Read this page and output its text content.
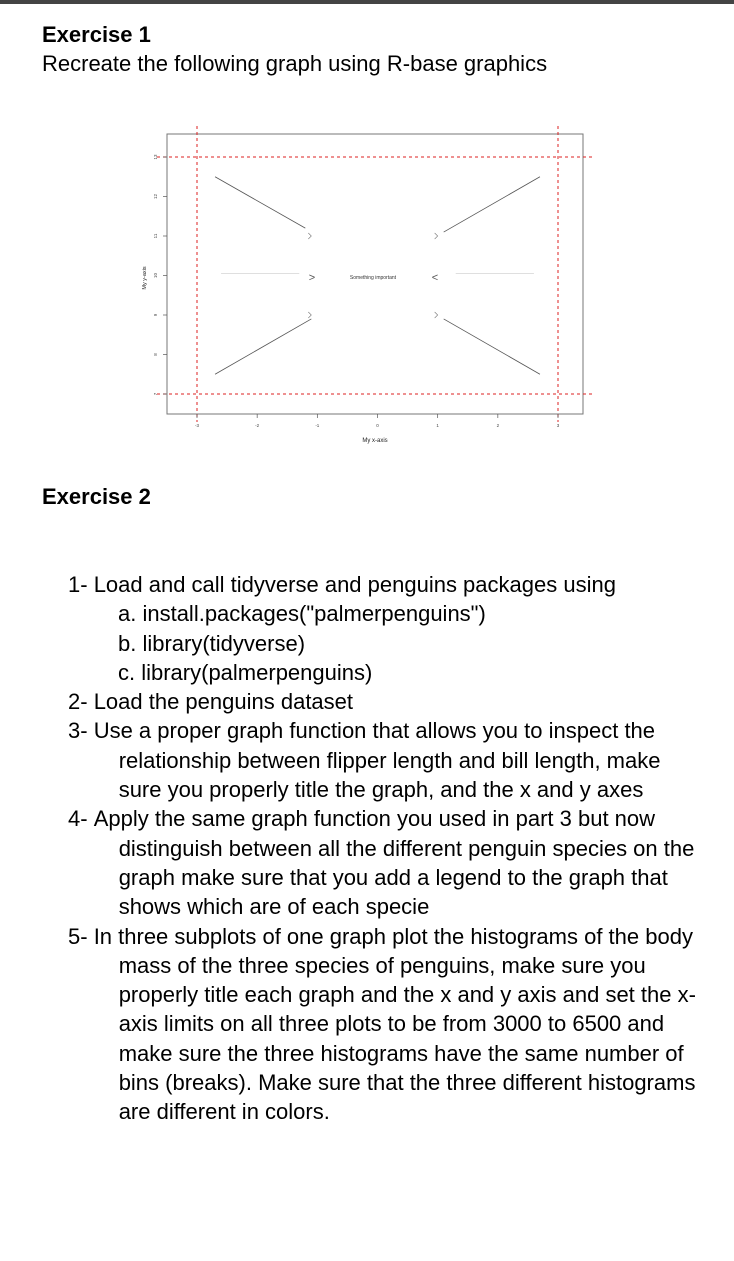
Exercise 1
Recreate the following graph using R-base graphics
-3	-2	-1	0	1	2	3
7
8
9
10
11
12
13
Something important
>	<
My x-axis
My y-axis
Exercise 2
1-
Load and call tidyverse and penguins packages using
a. install.packages("palmerpenguins")
b. library(tidyverse)
c. library(palmerpenguins)
2-
Load the penguins dataset
3-
Use a proper graph function that allows you to inspect the relationship between flipper length and bill length, make sure you properly title the graph, and the x and y axes
4-
Apply the same graph function you used in part 3 but now distinguish between all the different penguin species on the graph make sure that you add a legend to the graph that shows which are of each specie
5-
In three subplots of one graph plot the histograms of the body mass of the three species of penguins, make sure you properly title each graph and the x and y axis and set the x-axis limits on all three plots to be from 3000 to 6500 and make sure the three histograms have the same number of bins (breaks). Make sure that the three different histograms are different in colors.
